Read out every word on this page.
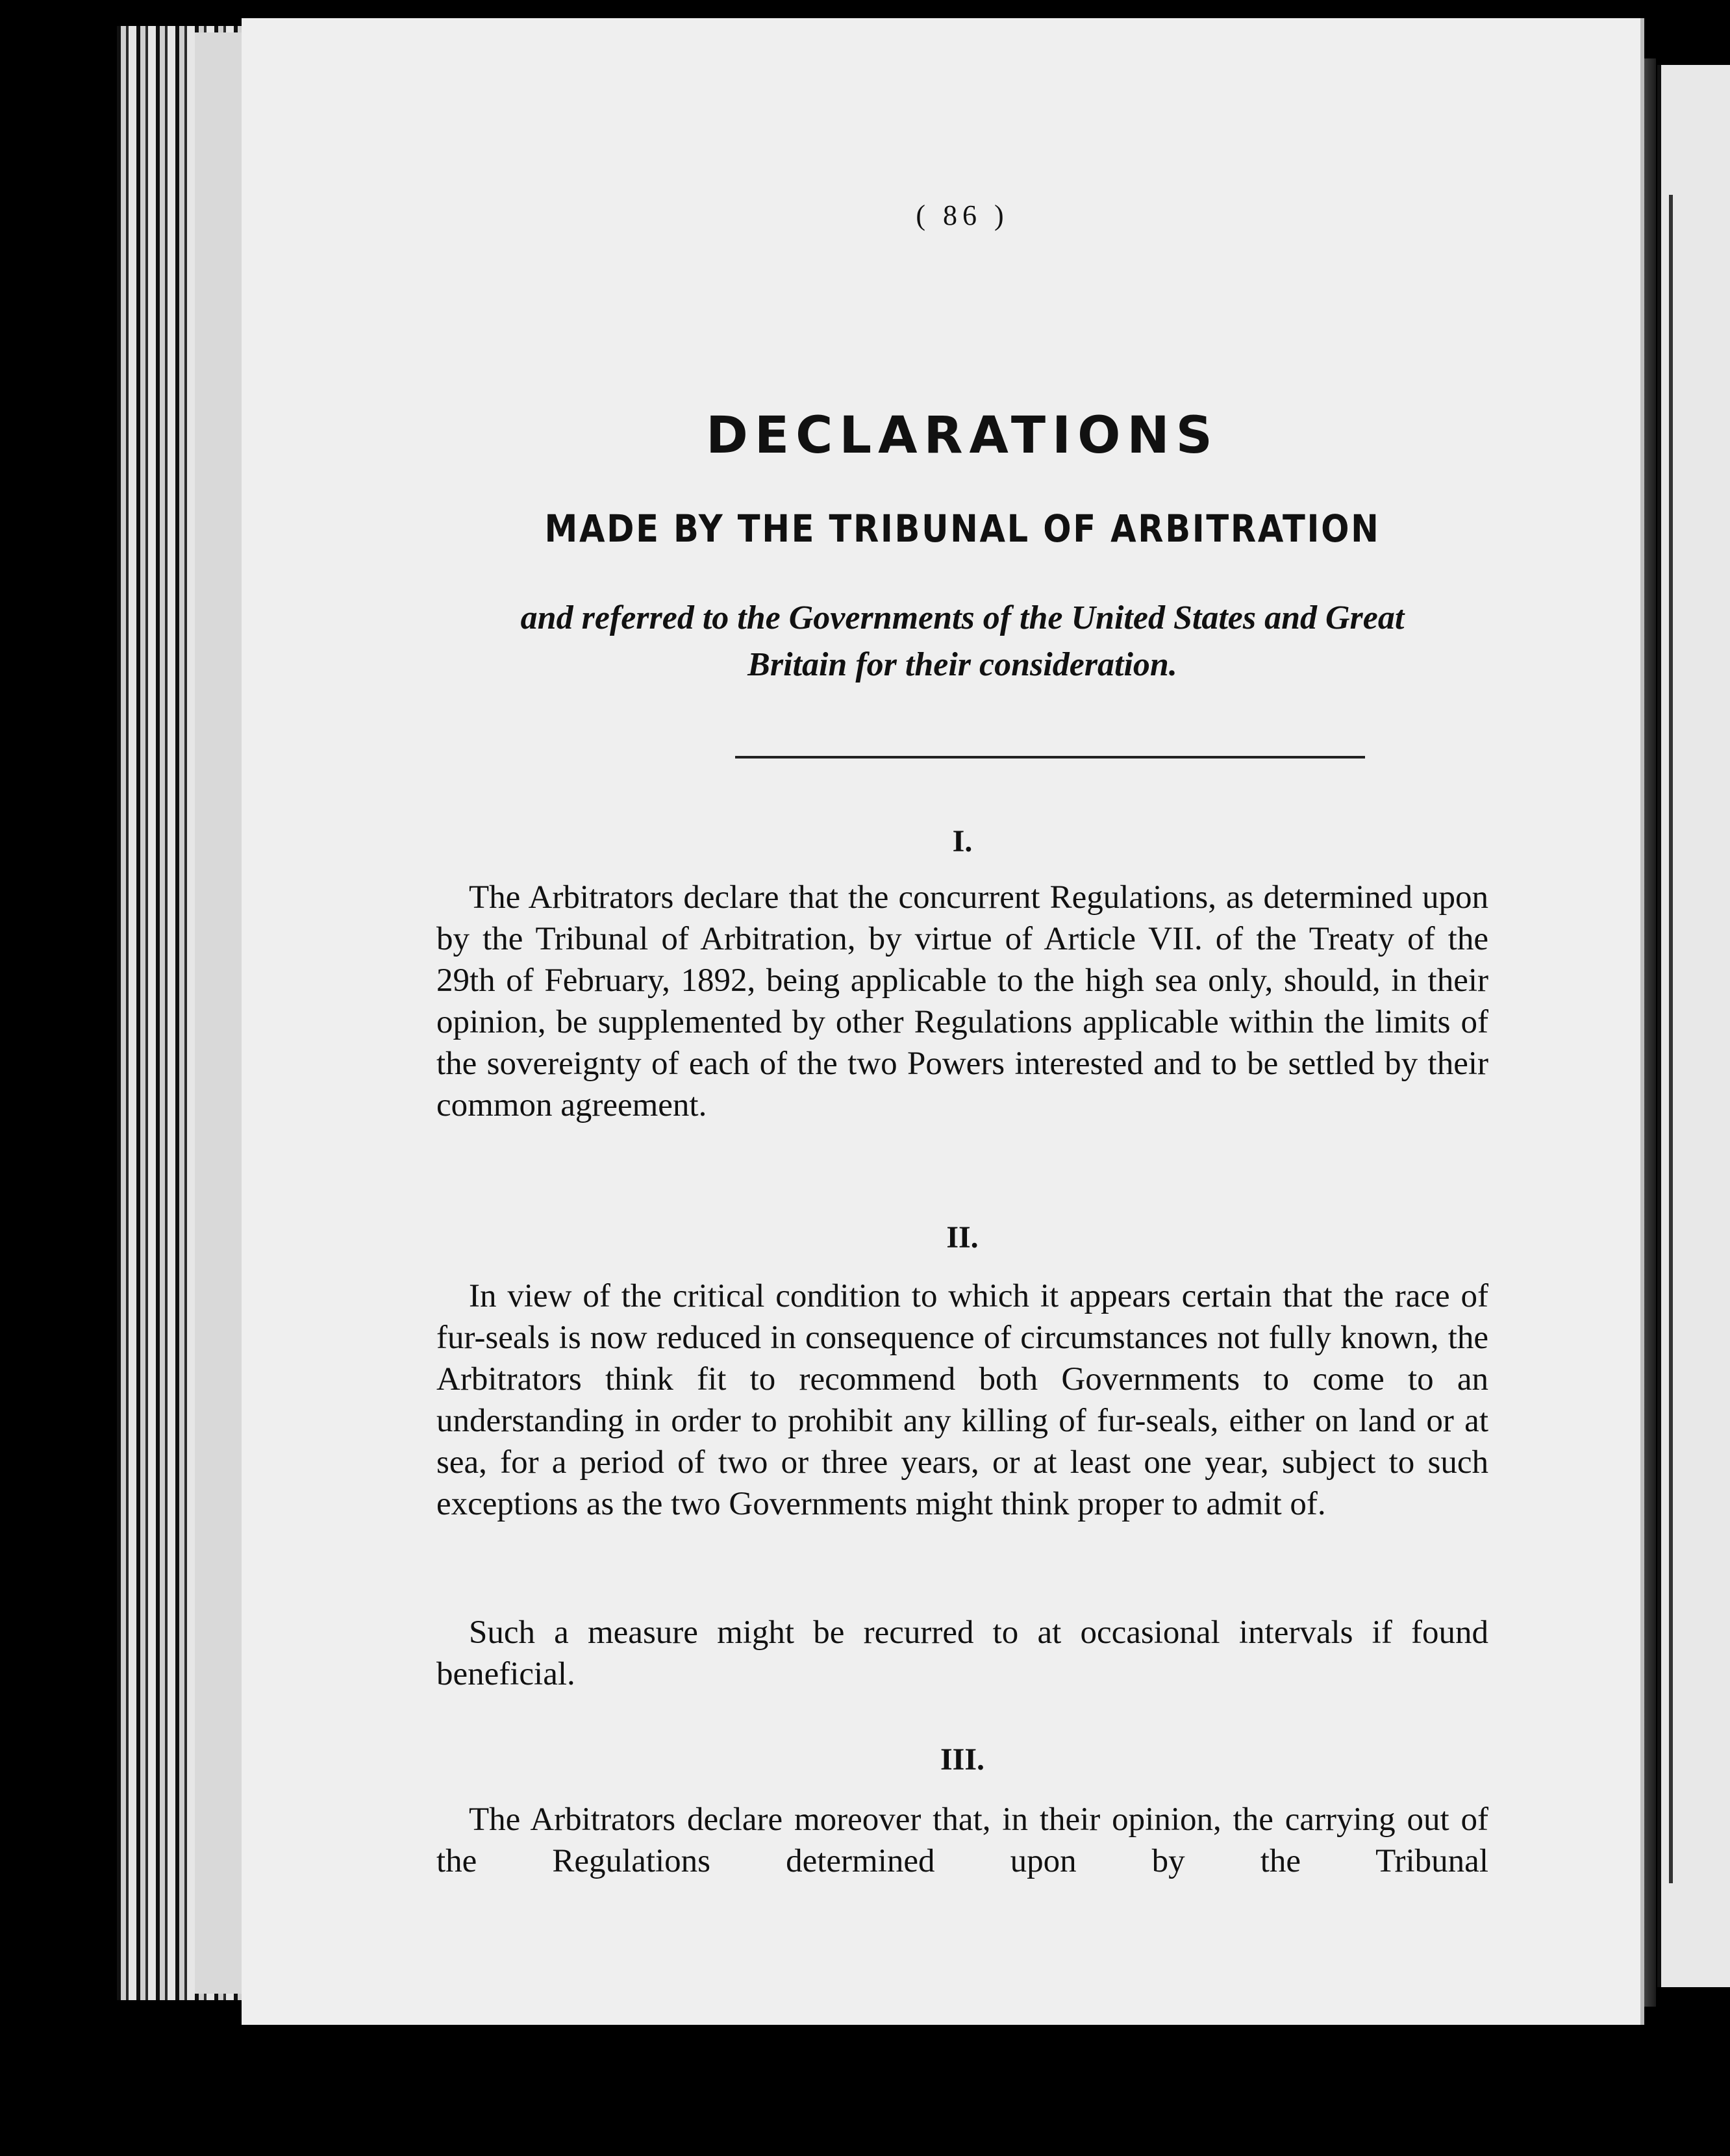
( 86 )
DECLARATIONS
MADE BY THE TRIBUNAL OF ARBITRATION
and referred to the Governments of the United States and Great
Britain for their consideration.
I.
The Arbitrators declare that the concurrent Regulations, as determined upon by the Tribunal of Arbitration, by virtue of Article VII. of the Treaty of the 29th of February, 1892, being applicable to the high sea only, should, in their opinion, be supplemented by other Regulations applicable within the limits of the sovereignty of each of the two Powers interested and to be settled by their common agreement.
II.
In view of the critical condition to which it appears certain that the race of fur-seals is now reduced in consequence of circumstances not fully known, the Arbitrators think fit to recommend both Governments to come to an understanding in order to prohibit any killing of fur-seals, either on land or at sea, for a period of two or three years, or at least one year, subject to such exceptions as the two Governments might think proper to admit of.
Such a measure might be recurred to at occasional intervals if found beneficial.
III.
The Arbitrators declare moreover that, in their opinion, the carrying out of the Regulations determined upon by the Tribunal
